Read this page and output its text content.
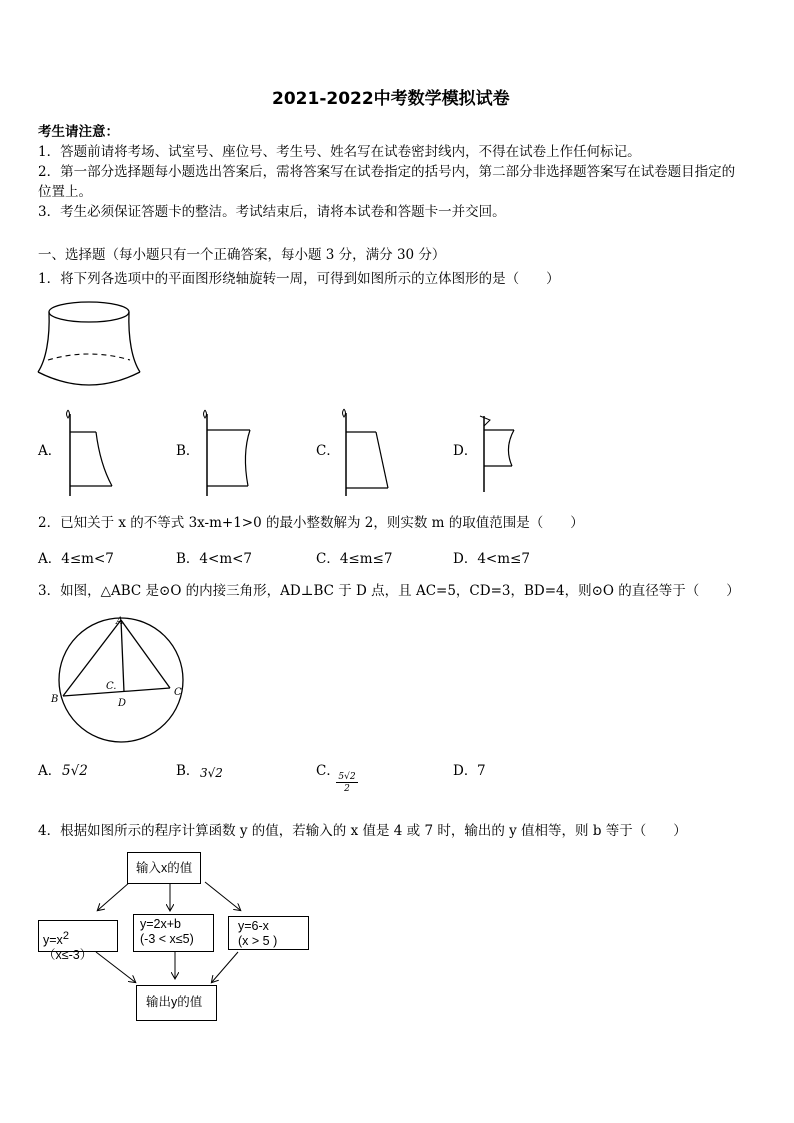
2021-2022中考数学模拟试卷
考生请注意：
1．答题前请将考场、试室号、座位号、考生号、姓名写在试卷密封线内，不得在试卷上作任何标记。
2．第一部分选择题每小题选出答案后，需将答案写在试卷指定的括号内，第二部分非选择题答案写在试卷题目指定的
位置上。
3．考生必须保证答题卡的整洁。考试结束后，请将本试卷和答题卡一并交回。
一、选择题（每小题只有一个正确答案，每小题 3 分，满分 30 分）
1．将下列各选项中的平面图形绕轴旋转一周，可得到如图所示的立体图形的是（　　）
A．	B．	C．	D．
2．已知关于 x 的不等式 3x-m+1>0 的最小整数解为 2，则实数 m 的取值范围是（　　）
A．4≤m<7	B．4<m<7	C．4≤m≤7	D．4<m≤7
3．如图，△ABC 是⊙O 的内接三角形，AD⊥BC 于 D 点，且 AC=5，CD=3，BD=4，则⊙O 的直径等于（　　）
A
B
C
D
C.
A． 5√2	B． 3√2	C．
5√2
2
D． 7
4．根据如图所示的程序计算函数 y 的值，若输入的 x 值是 4 或 7 时，输出的 y 值相等，则 b 等于（　　）
输入x的值
$y=x^2(x\le-3)$
y=2x+b
(-3 < x≤5)
y=6-x
(x > 5 )
输出y的值
